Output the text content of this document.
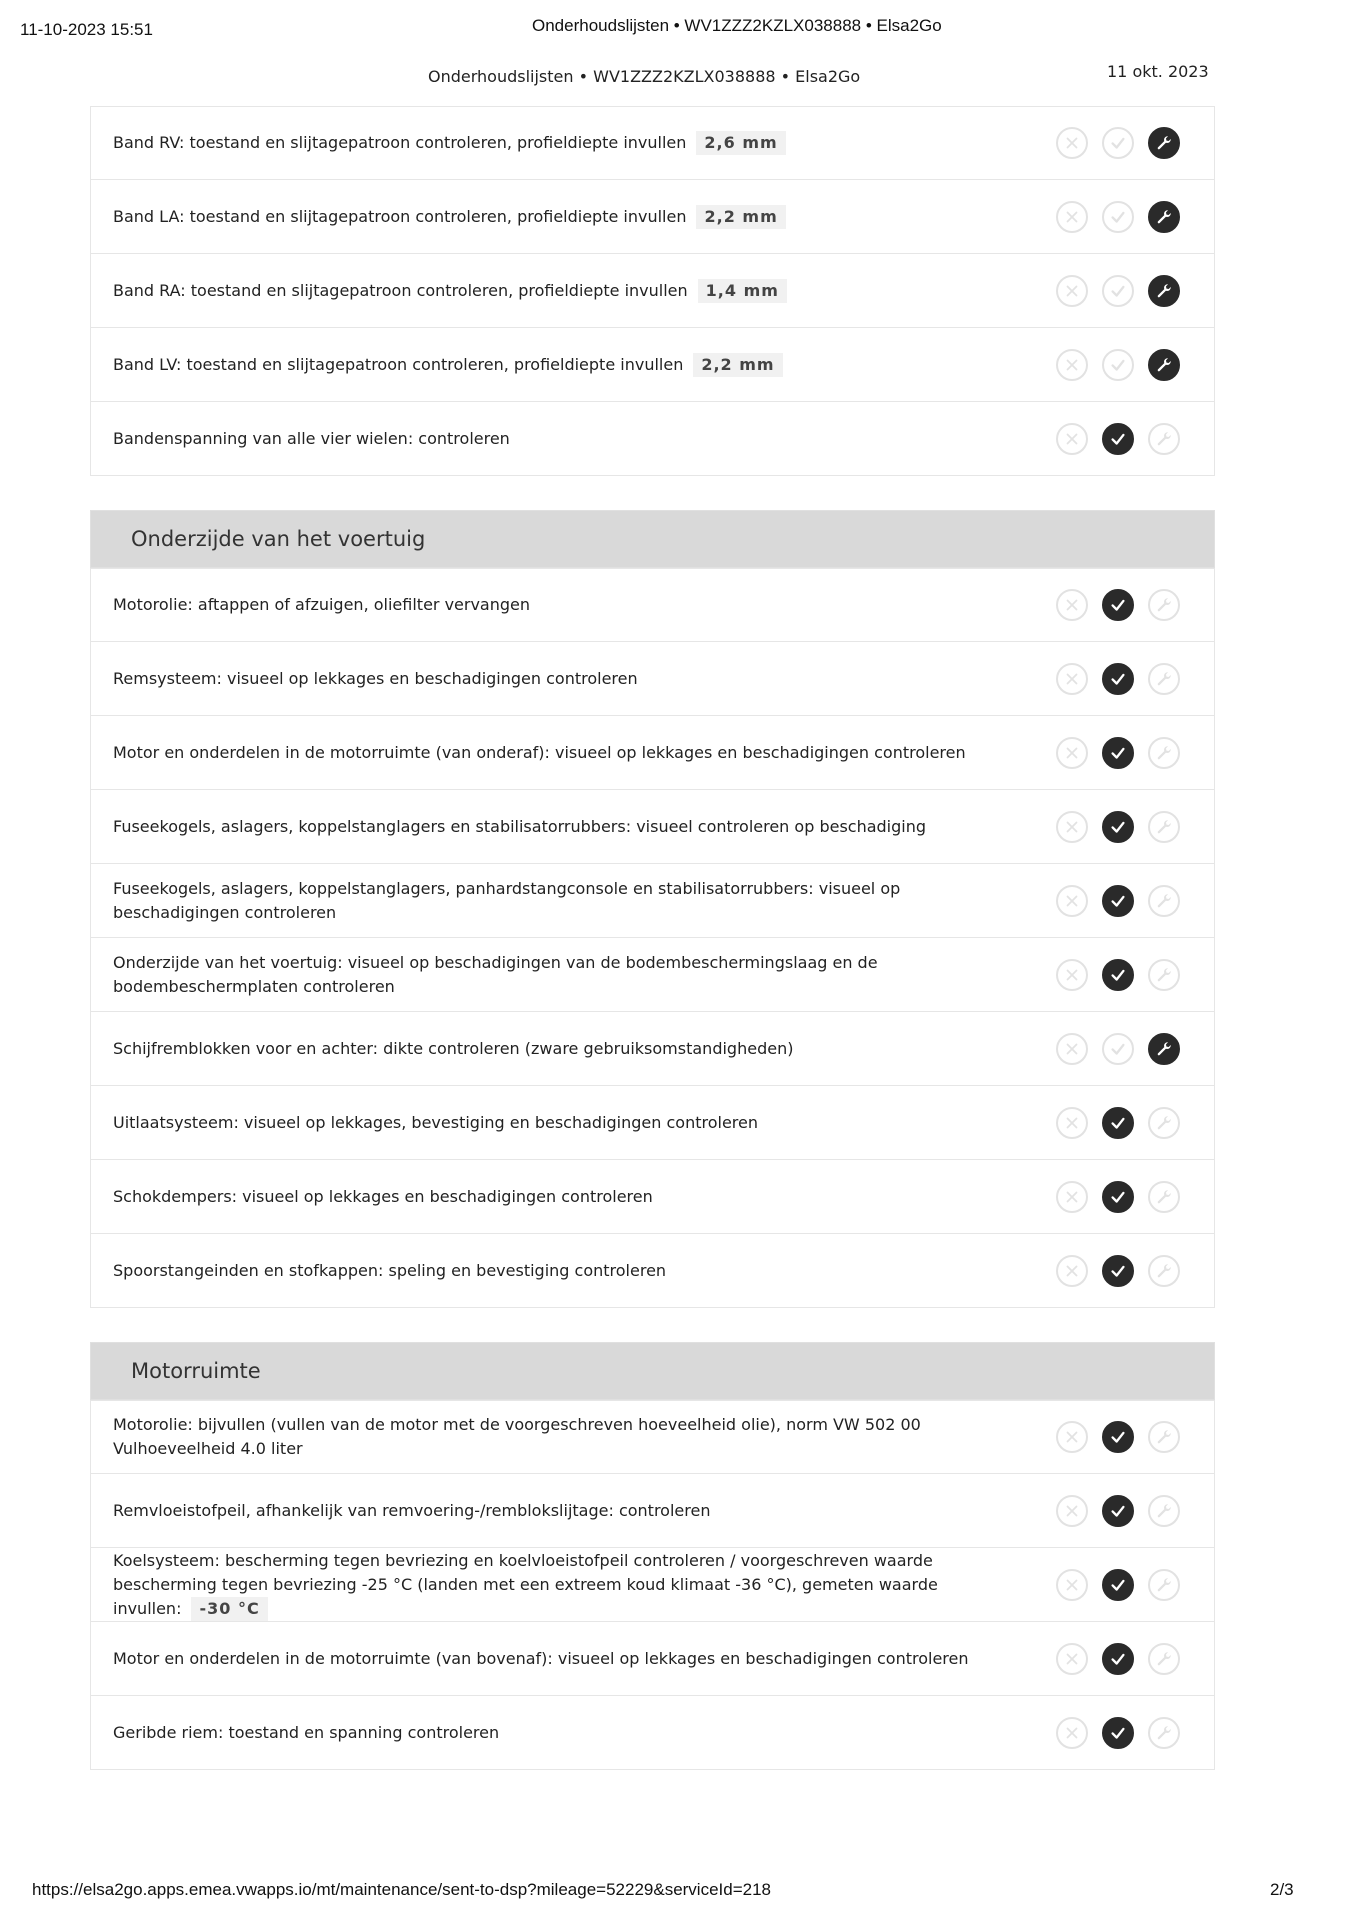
11-10-2023 15:51	Onderhoudslijsten • WV1ZZZ2KZLX038888 • Elsa2Go
Onderhoudslijsten • WV1ZZZ2KZLX038888 • Elsa2Go	11 okt. 2023
Band RV: toestand en slijtagepatroon controleren, profieldiepte invullen 2,6 mm
Band LA: toestand en slijtagepatroon controleren, profieldiepte invullen 2,2 mm
Band RA: toestand en slijtagepatroon controleren, profieldiepte invullen 1,4 mm
Band LV: toestand en slijtagepatroon controleren, profieldiepte invullen 2,2 mm
Bandenspanning van alle vier wielen: controleren
Onderzijde van het voertuig
Motorolie: aftappen of afzuigen, oliefilter vervangen
Remsysteem: visueel op lekkages en beschadigingen controleren
Motor en onderdelen in de motorruimte (van onderaf): visueel op lekkages en beschadigingen controleren
Fuseekogels, aslagers, koppelstanglagers en stabilisatorrubbers: visueel controleren op beschadiging
Fuseekogels, aslagers, koppelstanglagers, panhardstangconsole en stabilisatorrubbers: visueel op beschadigingen controleren
Onderzijde van het voertuig: visueel op beschadigingen van de bodembeschermingslaag en de bodembeschermplaten controleren
Schijfremblokken voor en achter: dikte controleren (zware gebruiksomstandigheden)
Uitlaatsysteem: visueel op lekkages, bevestiging en beschadigingen controleren
Schokdempers: visueel op lekkages en beschadigingen controleren
Spoorstangeinden en stofkappen: speling en bevestiging controleren
Motorruimte
Motorolie: bijvullen (vullen van de motor met de voorgeschreven hoeveelheid olie), norm VW 502 00 Vulhoeveelheid 4.0 liter
Remvloeistofpeil, afhankelijk van remvoering-/remblokslijtage: controleren
Koelsysteem: bescherming tegen bevriezing en koelvloeistofpeil controleren / voorgeschreven waarde bescherming tegen bevriezing -25 °C (landen met een extreem koud klimaat -36 °C), gemeten waarde invullen: -30 °C
Motor en onderdelen in de motorruimte (van bovenaf): visueel op lekkages en beschadigingen controleren
Geribde riem: toestand en spanning controleren
https://elsa2go.apps.emea.vwapps.io/mt/maintenance/sent-to-dsp?mileage=52229&serviceId=218	2/3
